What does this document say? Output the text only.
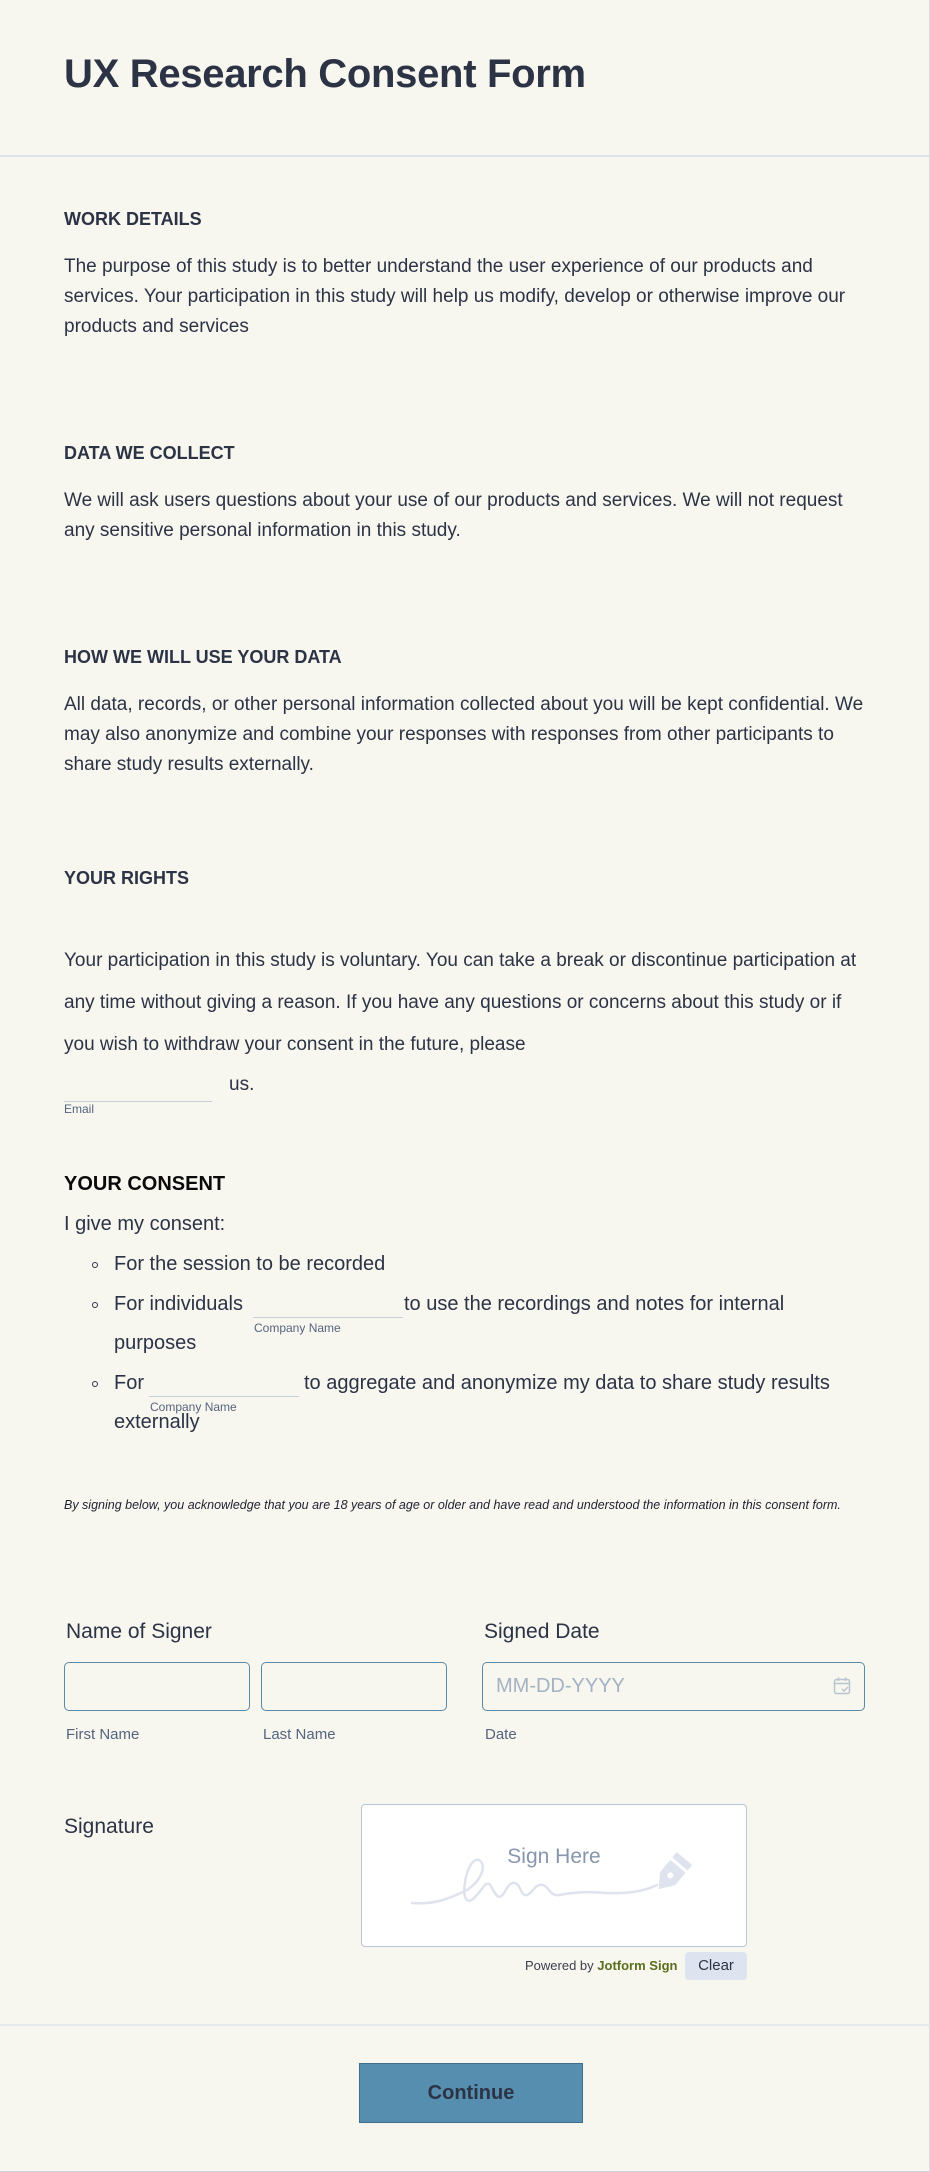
UX Research Consent Form
WORK DETAILS
The purpose of this study is to better understand the user experience of our products and services. Your participation in this study will help us modify, develop or otherwise improve our products and services
DATA WE COLLECT
We will ask users questions about your use of our products and services. We will not request any sensitive personal information in this study.
HOW WE WILL USE YOUR DATA
All data, records, or other personal information collected about you will be kept confidential. We may also anonymize and combine your responses with responses from other participants to share study results externally.
YOUR RIGHTS
Your participation in this study is voluntary. You can take a break or discontinue participation at any time without giving a reason. If you have any questions or concerns about this study or if you wish to withdraw your consent in the future, please
us.
Email
YOUR CONSENT
I give my consent:
For the session to be recorded
For individuals
Company Name
to use the recordings and notes for internal
purposes
For
Company Name
to aggregate and anonymize my data to share study results
externally
By signing below, you acknowledge that you are 18 years of age or older and have read and understood the information in this consent form.
Name of Signer
First Name	Last Name
Signed Date
MM-DD-YYYY
Date
Signature
Sign Here
Powered by Jotform Sign	Clear
Continue
